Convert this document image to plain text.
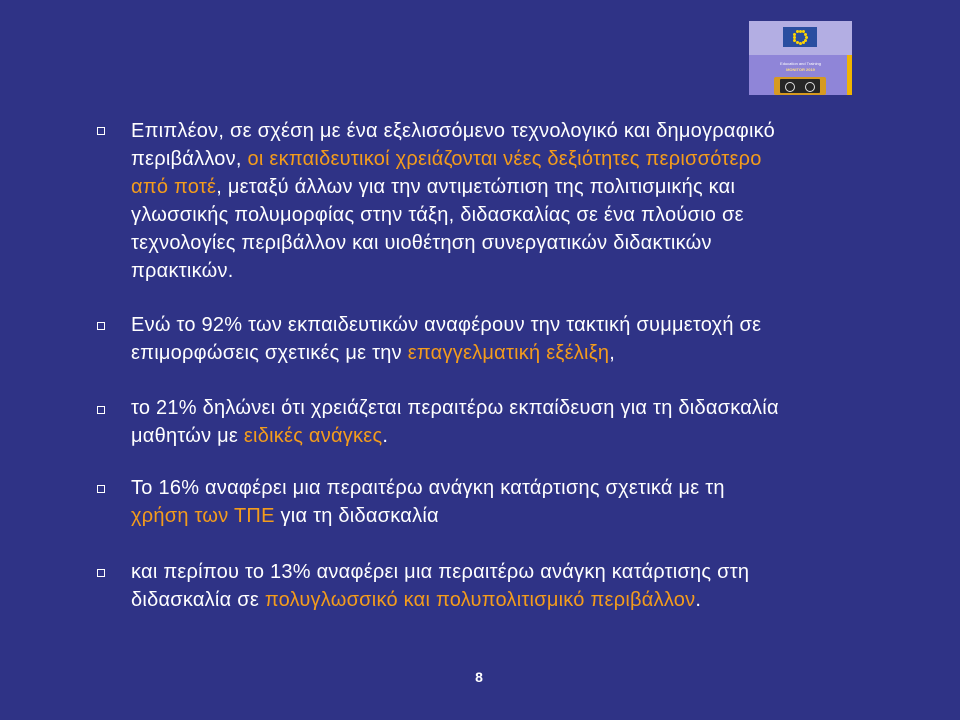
Education and Training
MONITOR 2019
Επιπλέον, σε σχέση με ένα εξελισσόμενο τεχνολογικό και δημογραφικό
περιβάλλον, οι εκπαιδευτικοί χρειάζονται νέες δεξιότητες περισσότερο
από ποτέ, μεταξύ άλλων για την αντιμετώπιση της πολιτισμικής και
γλωσσικής πολυμορφίας στην τάξη, διδασκαλίας σε ένα πλούσιο σε
τεχνολογίες περιβάλλον και υιοθέτηση συνεργατικών διδακτικών
πρακτικών.
Ενώ το 92% των εκπαιδευτικών αναφέρουν την τακτική συμμετοχή σε
επιμορφώσεις σχετικές με την επαγγελματική εξέλιξη,
το 21% δηλώνει ότι χρειάζεται περαιτέρω εκπαίδευση για τη διδασκαλία
μαθητών με ειδικές ανάγκες.
Το 16% αναφέρει μια περαιτέρω ανάγκη κατάρτισης σχετικά με τη
χρήση των ΤΠΕ για τη διδασκαλία
και περίπου το 13% αναφέρει μια περαιτέρω ανάγκη κατάρτισης στη
διδασκαλία σε πολυγλωσσικό και πολυπολιτισμικό περιβάλλον.
8
